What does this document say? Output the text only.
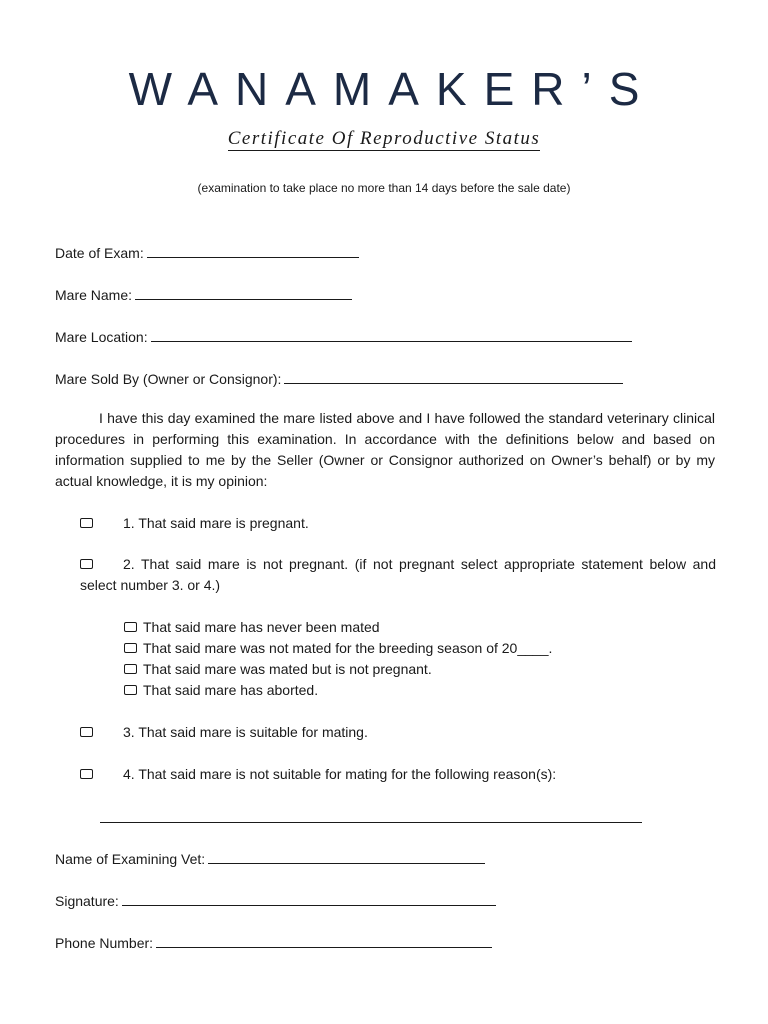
WANAMAKER’S
Certificate Of Reproductive Status
(examination to take place no more than 14 days before the sale date)
Date of Exam:
Mare Name:
Mare Location:
Mare Sold By (Owner or Consignor):
I have this day examined the mare listed above and I have followed the standard veterinary clinical procedures in performing this examination. In accordance with the definitions below and based on information supplied to me by the Seller (Owner or Consignor authorized on Owner’s behalf) or by my actual knowledge, it is my opinion:
1. That said mare is pregnant.
2. That said mare is not pregnant. (if not pregnant select appropriate statement below and select number 3. or 4.)
That said mare has never been mated
That said mare was not mated for the breeding season of 20____.
That said mare was mated but is not pregnant.
That said mare has aborted.
3. That said mare is suitable for mating.
4. That said mare is not suitable for mating for the following reason(s):
Name of Examining Vet:
Signature:
Phone Number:
